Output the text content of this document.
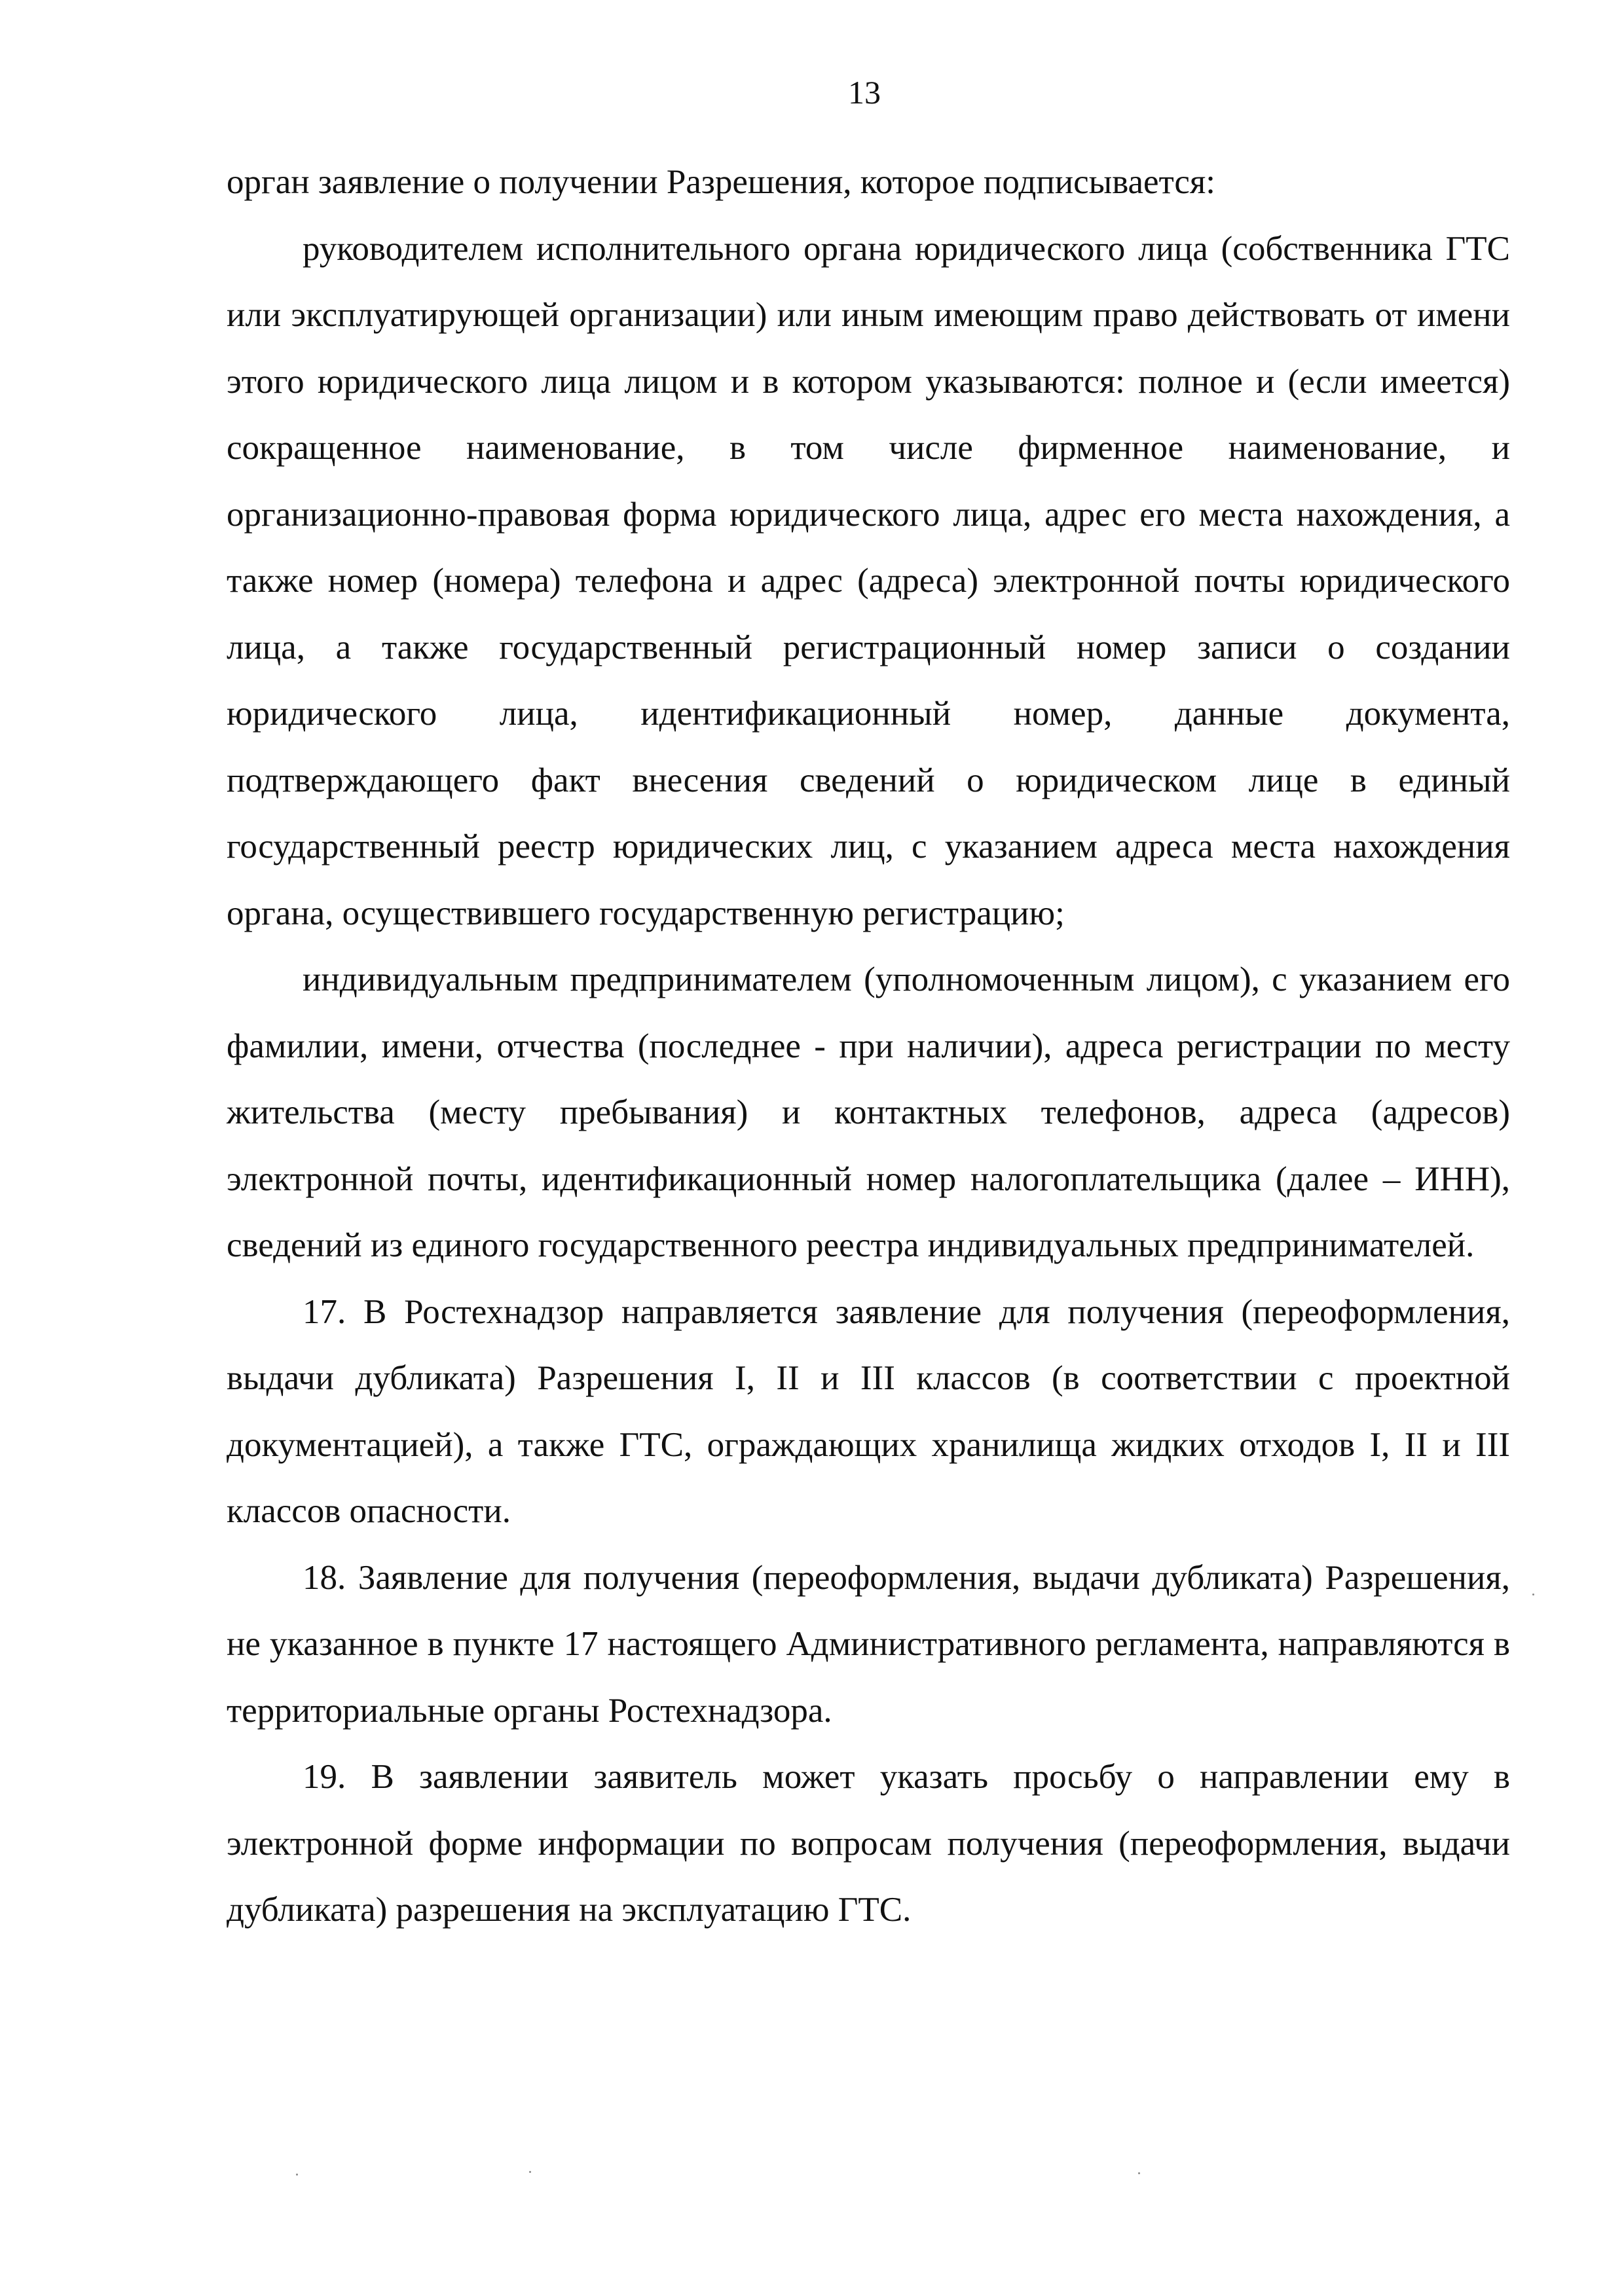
13

орган заявление о получении Разрешения, которое подписывается:

руководителем исполнительного органа юридического лица (собственника ГТС или эксплуатирующей организации) или иным имеющим право действовать от имени этого юридического лица лицом и в котором указываются: полное и (если имеется) сокращенное наименование, в том числе фирменное наименование, и организационно-правовая форма юридического лица, адрес его места нахождения, а также номер (номера) телефона и адрес (адреса) электронной почты юридического лица, а также государственный регистрационный номер записи о создании юридического лица, идентификационный номер, данные документа, подтверждающего факт внесения сведений о юридическом лице в единый государственный реестр юридических лиц, с указанием адреса места нахождения органа, осуществившего государственную регистрацию;

индивидуальным предпринимателем (уполномоченным лицом), с указанием его фамилии, имени, отчества (последнее - при наличии), адреса регистрации по месту жительства (месту пребывания) и контактных телефонов, адреса (адресов) электронной почты, идентификационный номер налогоплательщика (далее – ИНН), сведений из единого государственного реестра индивидуальных предпринимателей.

17. В Ростехнадзор направляется заявление для получения (переоформления, выдачи дубликата) Разрешения I, II и III классов (в соответствии с проектной документацией), а также ГТС, ограждающих хранилища жидких отходов I, II и III классов опасности.

18. Заявление для получения (переоформления, выдачи дубликата) Разрешения, не указанное в пункте 17 настоящего Административного регламента, направляются в территориальные органы Ростехнадзора.

19. В заявлении заявитель может указать просьбу о направлении ему в электронной форме информации по вопросам получения (переоформления, выдачи дубликата) разрешения на эксплуатацию ГТС.
